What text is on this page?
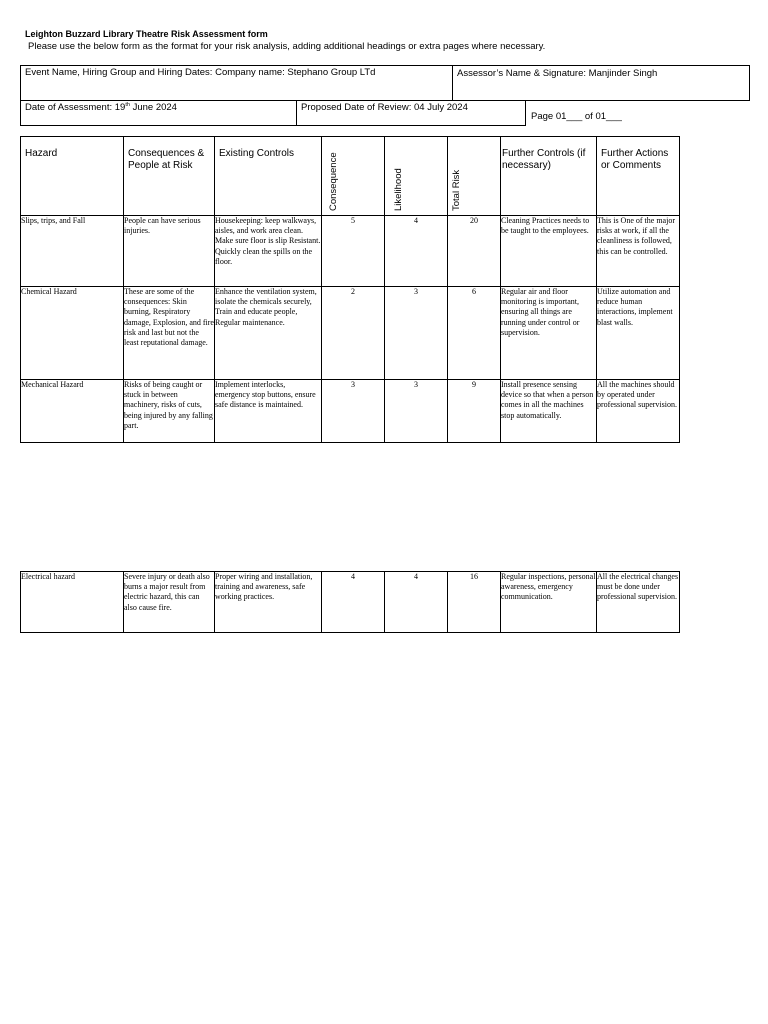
Leighton Buzzard Library Theatre Risk Assessment form
Please use the below form as the format for your risk analysis, adding additional headings or extra pages where necessary.
Event Name, Hiring Group and Hiring Dates: Company name: Stephano Group LTd	Assessor’s Name & Signature: Manjinder Singh
Date of Assessment: 19th June 2024	Proposed Date of Review: 04 July 2024
Page 01___ of 01___
Hazard	Consequences & People at Risk	Existing Controls	Consequence	Likelihood	Total Risk	Further Controls (if necessary)	Further Actions or Comments
Slips, trips, and Fall	People can have serious injuries.	Housekeeping: keep walkways, aisles, and work area clean.
Make sure floor is slip Resistant.
Quickly clean the spills on the floor.	5	4	20	Cleaning Practices needs to be taught to the employees.	This is One of the major risks at work, if all the cleanliness is followed, this can be controlled.
Chemical Hazard	These are some of the consequences: Skin burning, Respiratory damage, Explosion, and fire risk and last but not the least reputational damage.	Enhance the ventilation system, isolate the chemicals securely, Train and educate people, Regular maintenance.	2	3	6	Regular air and floor monitoring is important, ensuring all things are running under control or supervision.	Utilize automation and reduce human interactions, implement blast walls.
Mechanical Hazard	Risks of being caught or stuck in between machinery, risks of cuts, being injured by any falling part.	Implement interlocks, emergency stop buttons, ensure safe distance is maintained.	3	3	9	Install presence sensing device so that when a person comes in all the machines stop automatically.	All the machines should by operated under professional supervision.
Electrical hazard	Severe injury or death also burns a major result from electric hazard, this can also cause fire.	Proper wiring and installation, training and awareness, safe working practices.	4	4	16	Regular inspections, personal awareness, emergency communication.	All the electrical changes must be done under professional supervision.
